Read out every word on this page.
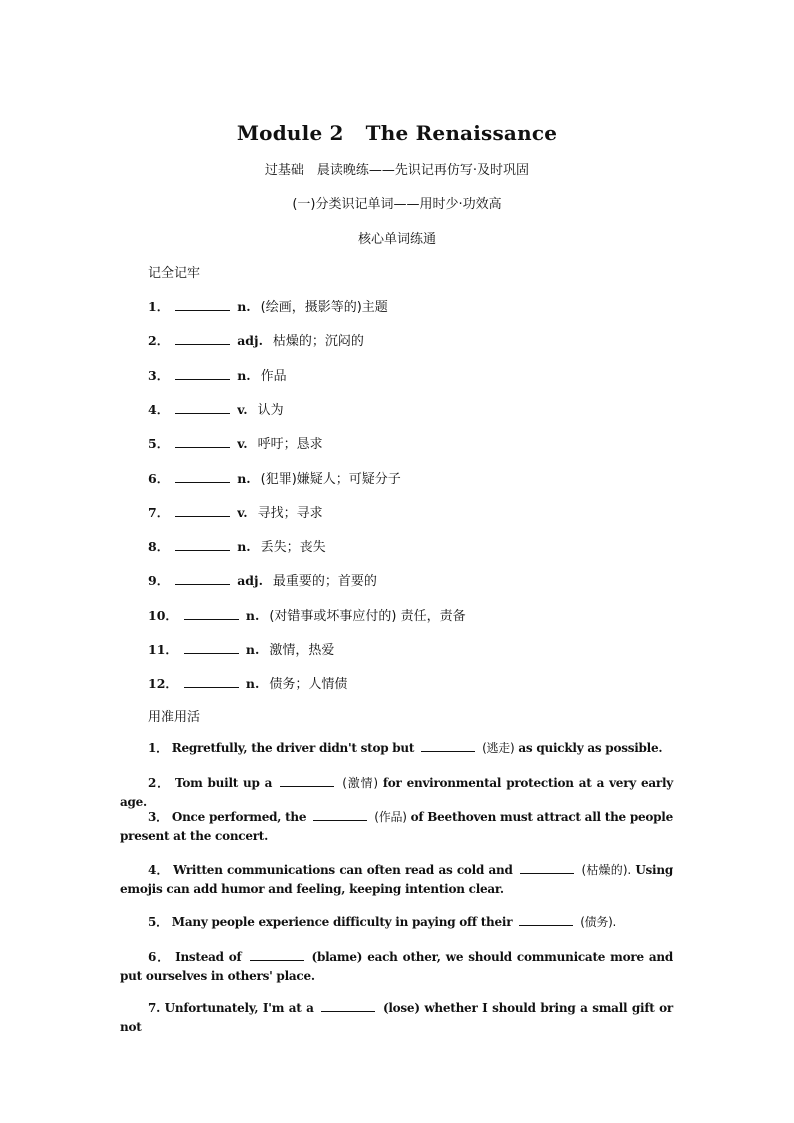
Module 2 The Renaissance
过基础　晨读晚练——先识记再仿写·及时巩固
(一)分类识记单词——用时少·功效高
核心单词练通
记全记牢
1．	n. (绘画，摄影等的)主题
2．	adj. 枯燥的；沉闷的
3．	n. 作品
4．	v. 认为
5．	v. 呼吁；恳求
6．	n. (犯罪)嫌疑人；可疑分子
7．	v. 寻找；寻求
8．	n. 丢失；丧失
9．	adj. 最重要的；首要的
10．	n. (对错事或坏事应付的) 责任，责备
11．	n. 激情，热爱
12．	n. 债务；人情债
用准用活
1． Regretfully, the driver didn't stop but	(逃走) as quickly as possible.
2． Tom built up a	(激情) for environmental protection at a very early age.
3． Once performed, the	(作品) of Beethoven must attract all the people present at the concert.
4． Written communications can often read as cold and	(枯燥的). Using emojis can add humor and feeling, keeping intention clear.
5． Many people experience difficulty in paying off their	(债务).
6． Instead of	(blame) each other, we should communicate more and put ourselves in others' place.
7. Unfortunately, I'm at a	(lose) whether I should bring a small gift or not
